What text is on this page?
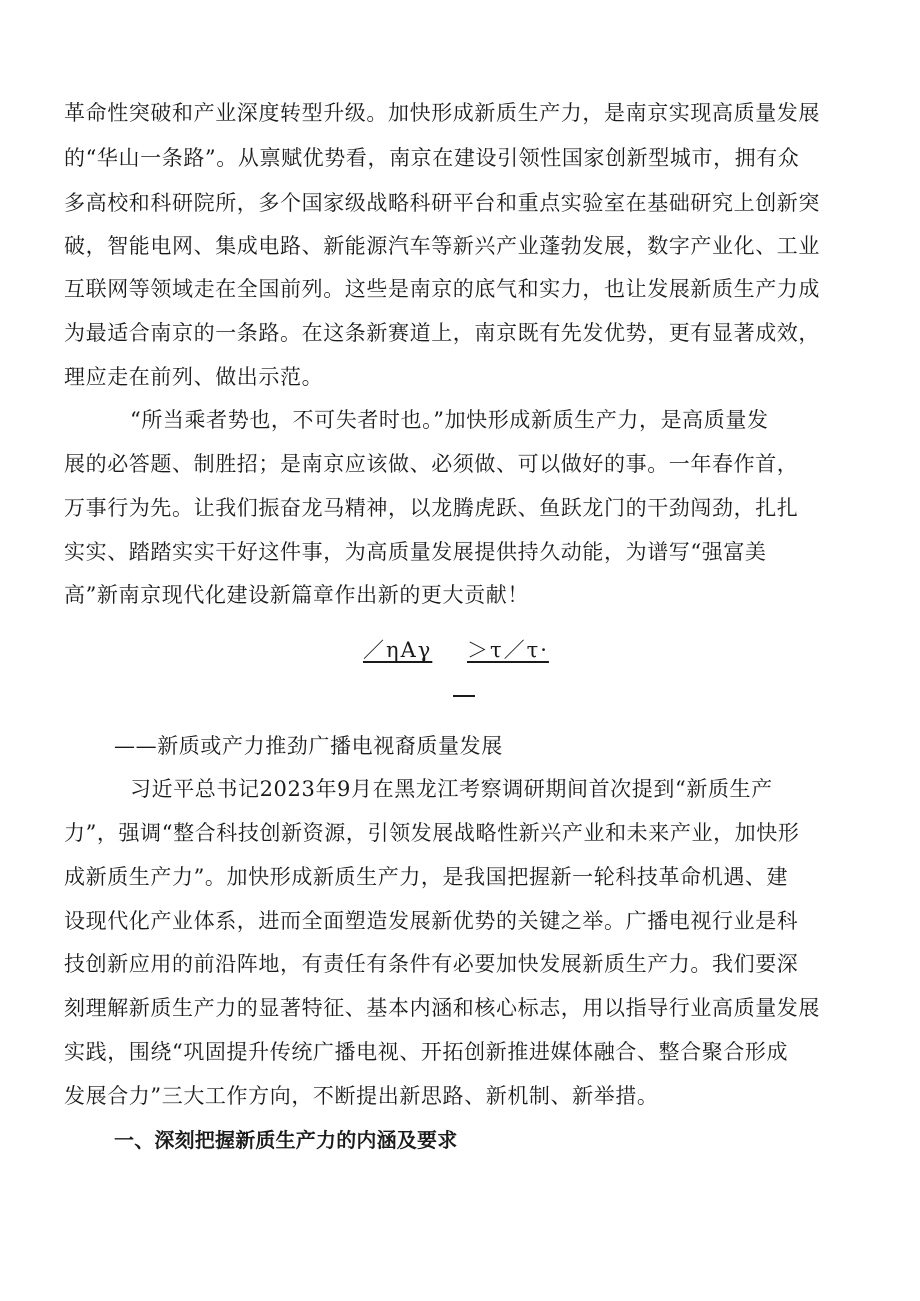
革命性突破和产业深度转型升级。加快形成新质生产力，是南京实现高质量发展
的“华山一条路”。从禀赋优势看，南京在建设引领性国家创新型城市，拥有众
多高校和科研院所，多个国家级战略科研平台和重点实验室在基础研究上创新突
破，智能电网、集成电路、新能源汽车等新兴产业蓬勃发展，数字产业化、工业
互联网等领域走在全国前列。这些是南京的底气和实力，也让发展新质生产力成
为最适合南京的一条路。在这条新赛道上，南京既有先发优势，更有显著成效，
理应走在前列、做出示范。
“所当乘者势也，不可失者时也。”加快形成新质生产力，是高质量发
展的必答题、制胜招；是南京应该做、必须做、可以做好的事。一年春作首，
万事行为先。让我们振奋龙马精神，以龙腾虎跃、鱼跃龙门的干劲闯劲，扎扎
实实、踏踏实实干好这件事，为高质量发展提供持久动能，为谱写“强富美
高”新南京现代化建设新篇章作出新的更大贡献！
／ηAγ ＞τ／τ·
——新质或产力推劲广播电视裔质量发展
习近平总书记2023年9月在黑龙江考察调研期间首次提到“新质生产
力”，强调“整合科技创新资源，引领发展战略性新兴产业和未来产业，加快形
成新质生产力”。加快形成新质生产力，是我国把握新一轮科技革命机遇、建
设现代化产业体系，进而全面塑造发展新优势的关键之举。广播电视行业是科
技创新应用的前沿阵地，有责任有条件有必要加快发展新质生产力。我们要深
刻理解新质生产力的显著特征、基本内涵和核心标志，用以指导行业高质量发展
实践，围绕“巩固提升传统广播电视、开拓创新推进媒体融合、整合聚合形成
发展合力”三大工作方向，不断提出新思路、新机制、新举措。
一、深刻把握新质生产力的内涵及要求
